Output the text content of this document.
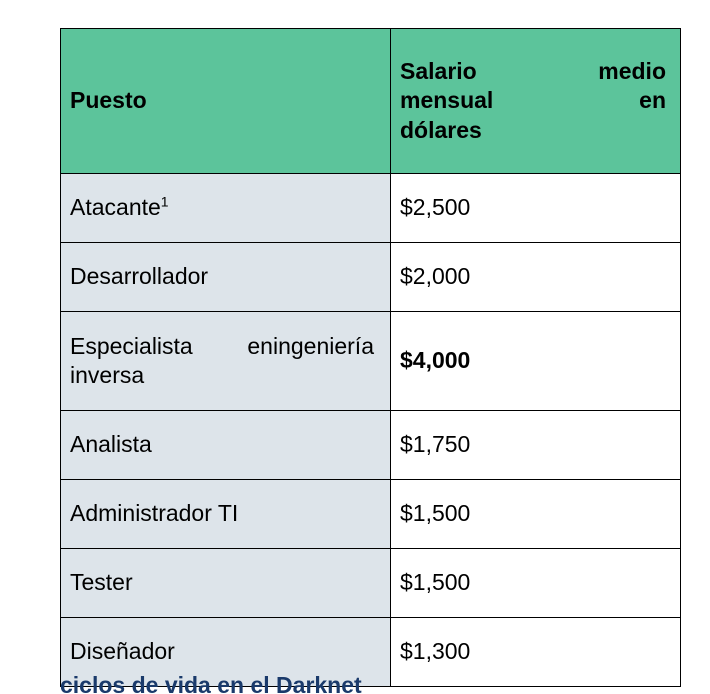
Puesto	Salario medio
mensual en
dólares

Atacante$^1$	$2,500
Desarrollador	$2,000
Especialista eningeniería inversa	$4,000
Analista	$1,750
Administrador TI	$1,500
Tester	$1,500
Diseñador	$1,300
ciclos de vida en el Darknet
